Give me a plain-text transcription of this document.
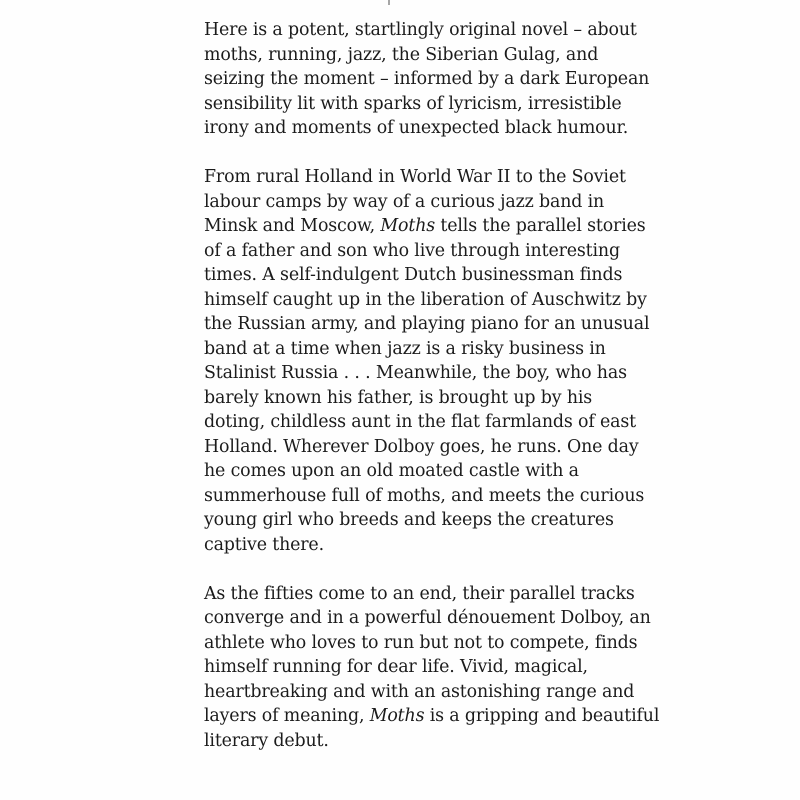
Here is a potent, startlingly original novel – about
moths, running, jazz, the Siberian Gulag, and
seizing the moment – informed by a dark European
sensibility lit with sparks of lyricism, irresistible
irony and moments of unexpected black humour.

From rural Holland in World War II to the Soviet
labour camps by way of a curious jazz band in
Minsk and Moscow, Moths tells the parallel stories
of a father and son who live through interesting
times. A self-indulgent Dutch businessman finds
himself caught up in the liberation of Auschwitz by
the Russian army, and playing piano for an unusual
band at a time when jazz is a risky business in
Stalinist Russia . . . Meanwhile, the boy, who has
barely known his father, is brought up by his
doting, childless aunt in the flat farmlands of east
Holland. Wherever Dolboy goes, he runs. One day
he comes upon an old moated castle with a
summerhouse full of moths, and meets the curious
young girl who breeds and keeps the creatures
captive there.

As the fifties come to an end, their parallel tracks
converge and in a powerful dénouement Dolboy, an
athlete who loves to run but not to compete, finds
himself running for dear life. Vivid, magical,
heartbreaking and with an astonishing range and
layers of meaning, Moths is a gripping and beautiful
literary debut.
